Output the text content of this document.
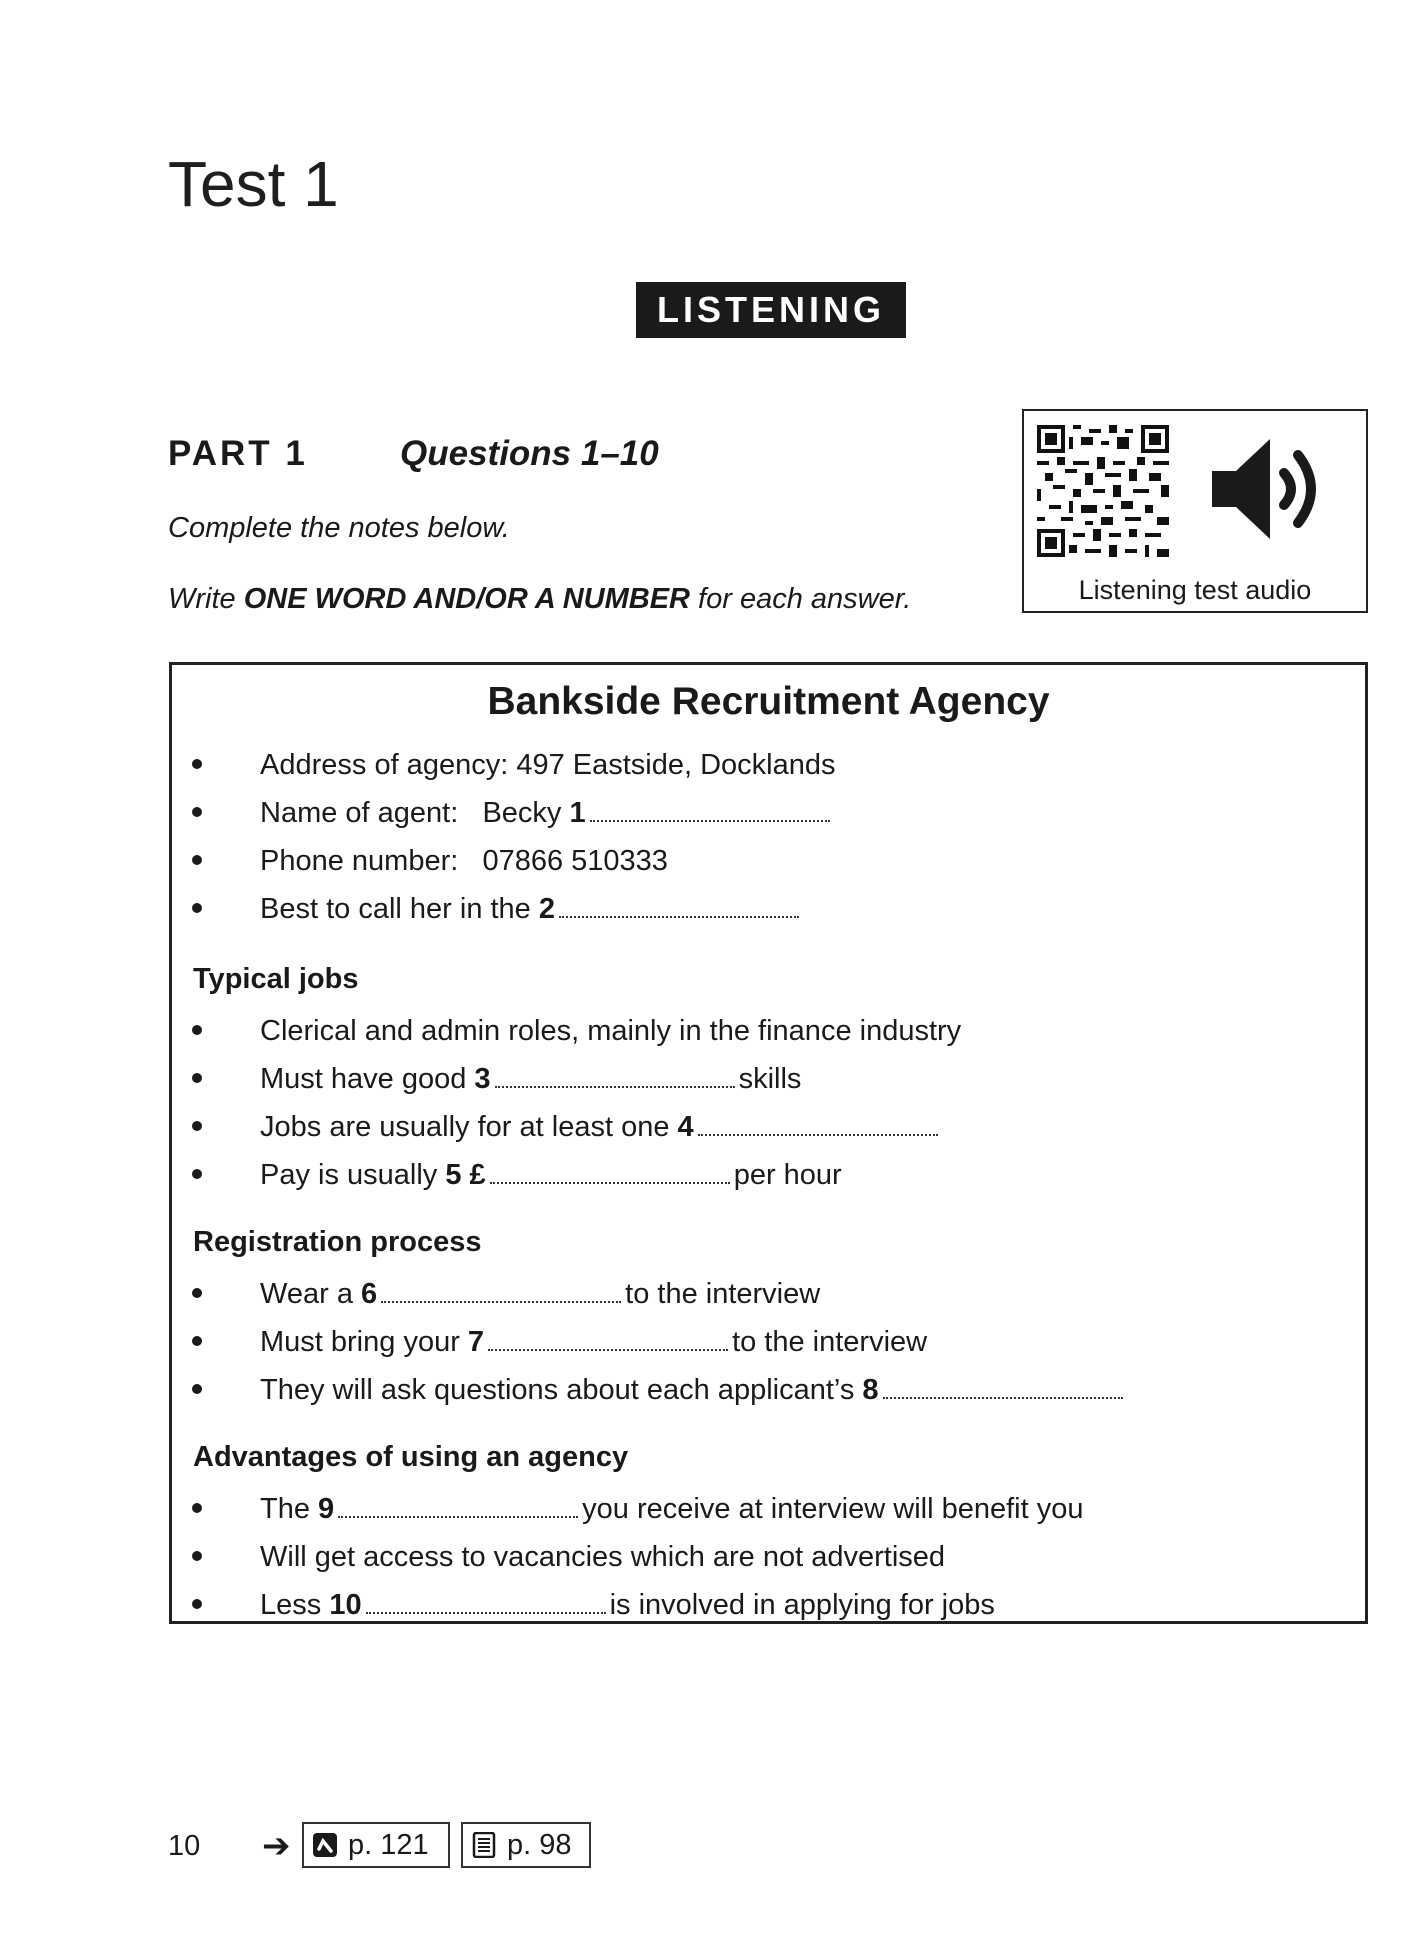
Test 1
LISTENING
PART 1	Questions 1–10
Complete the notes below.
Write ONE WORD AND/OR A NUMBER for each answer.	Listening test audio
Bankside Recruitment Agency
Address of agency: 497 Eastside, Docklands
Name of agent:   Becky 1
Phone number:   07866 510333
Best to call her in the 2
Typical jobs
Clerical and admin roles, mainly in the finance industry
Must have good 3	skills
Jobs are usually for at least one 4
Pay is usually 5 £	per hour
Registration process
Wear a 6	to the interview
Must bring your 7	to the interview
They will ask questions about each applicant’s 8
Advantages of using an agency
The 9	you receive at interview will benefit you
Will get access to vacancies which are not advertised
Less 10	is involved in applying for jobs
10 ➔ p. 121	p. 98
